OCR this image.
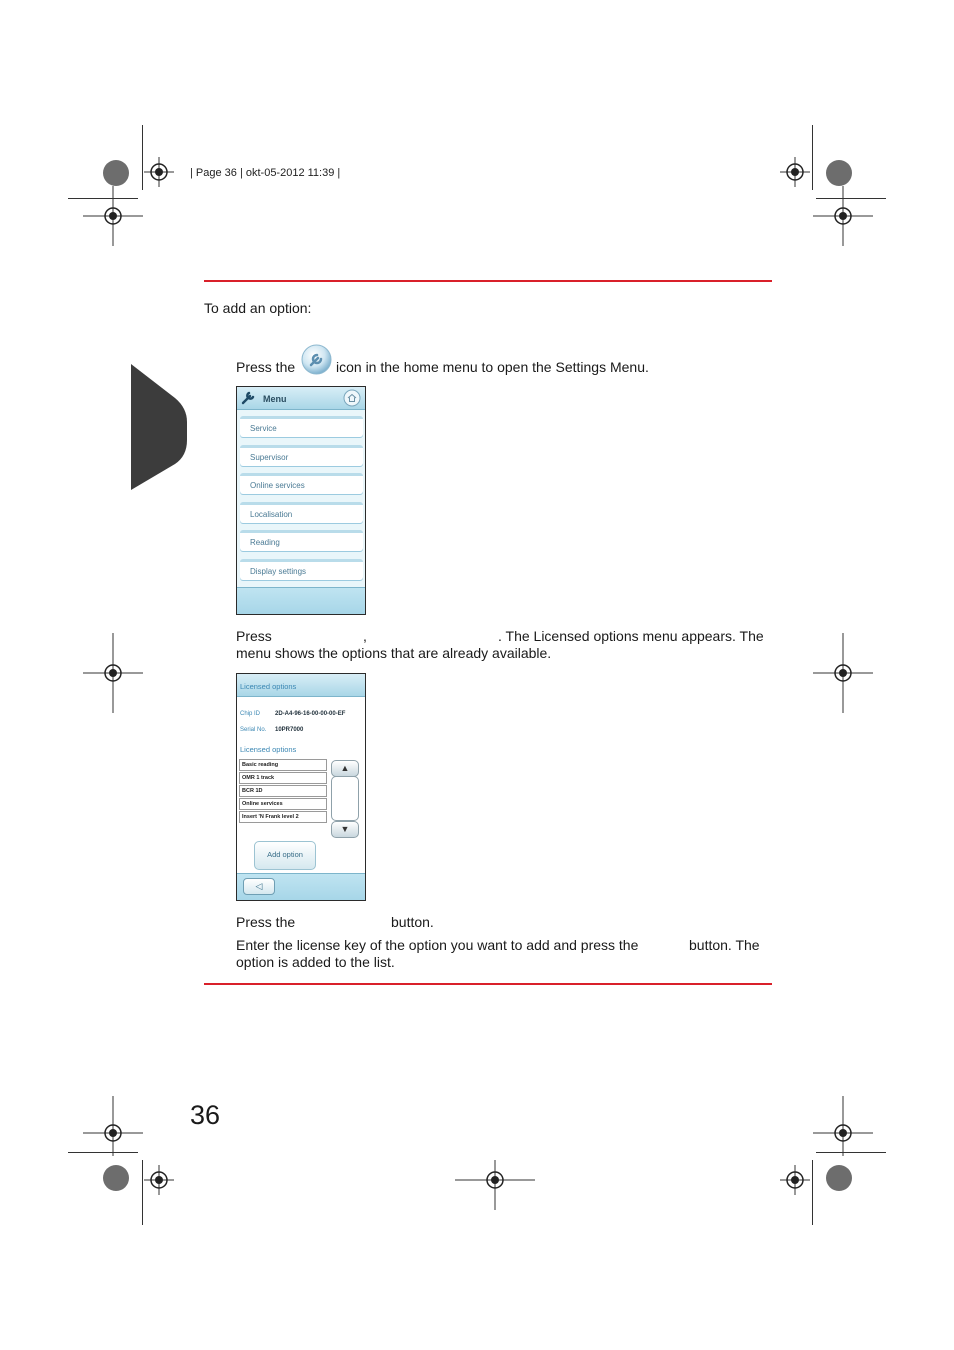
| Page 36 | okt-05-2012 11:39 |
To add an option:
Press the	icon in the home menu to open the Settings Menu.
Menu
Service
Supervisor
Online services
Localisation
Reading
Display settings
Press	,	. The Licensed options menu appears. The
menu shows the options that are already available.
Licensed options
Chip ID 2D-A4-96-16-00-00-00-EF
Serial No. 10PR7000
Licensed options
Basic reading
OMR 1 track
BCR 1D
Online services
Insert 'N Frank level 2
▲
▼
Add option
◁
Press the	button.
Enter the license key of the option you want to add and press the	button. The
option is added to the list.
36
